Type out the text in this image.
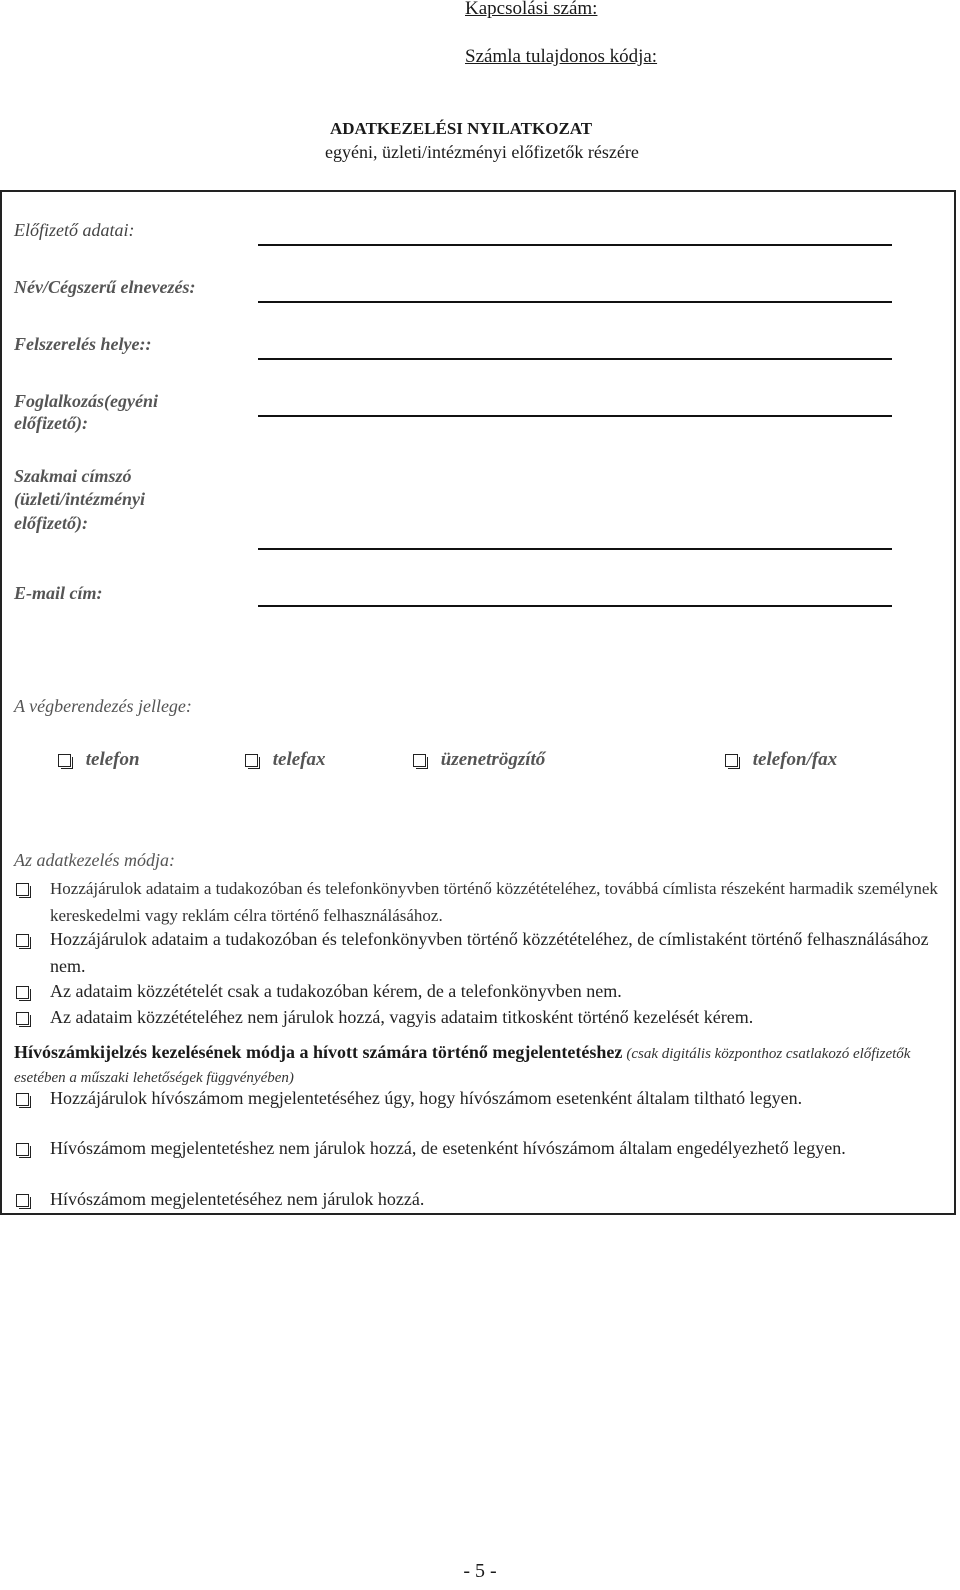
Kapcsolási szám:
Számla tulajdonos kódja:
ADATKEZELÉSI NYILATKOZAT
egyéni, üzleti/intézményi előfizetők részére
Előfizető adatai:
Név/Cégszerű elnevezés:
Felszerelés helye::
Foglalkozás(egyéni
előfizető):
Szakmai címszó
(üzleti/intézményi
előfizető):
E-mail cím:
A végberendezés jellege:
telefon	telefax	üzenetrögzítő	telefon/fax
Az adatkezelés módja:
Hozzájárulok adataim a tudakozóban és telefonkönyvben történő közzétételéhez, továbbá címlista részeként harmadik személynek kereskedelmi vagy reklám célra történő felhasználásához.
Hozzájárulok adataim a tudakozóban és telefonkönyvben történő közzétételéhez, de címlistaként történő felhasználásához nem.
Az adataim közzétételét csak a tudakozóban kérem, de a telefonkönyvben nem.
Az adataim közzétételéhez nem járulok hozzá, vagyis adataim titkosként történő kezelését kérem.
Hívószámkijelzés kezelésének módja a hívott számára történő megjelentetéshez (csak digitális központhoz csatlakozó előfizetők esetében a műszaki lehetőségek függvényében)
Hozzájárulok hívószámom megjelentetéséhez úgy, hogy hívószámom esetenként általam tiltható legyen.
Hívószámom megjelentetéshez nem járulok hozzá, de esetenként hívószámom általam engedélyezhető legyen.
Hívószámom megjelentetéséhez nem járulok hozzá.
- 5 -
